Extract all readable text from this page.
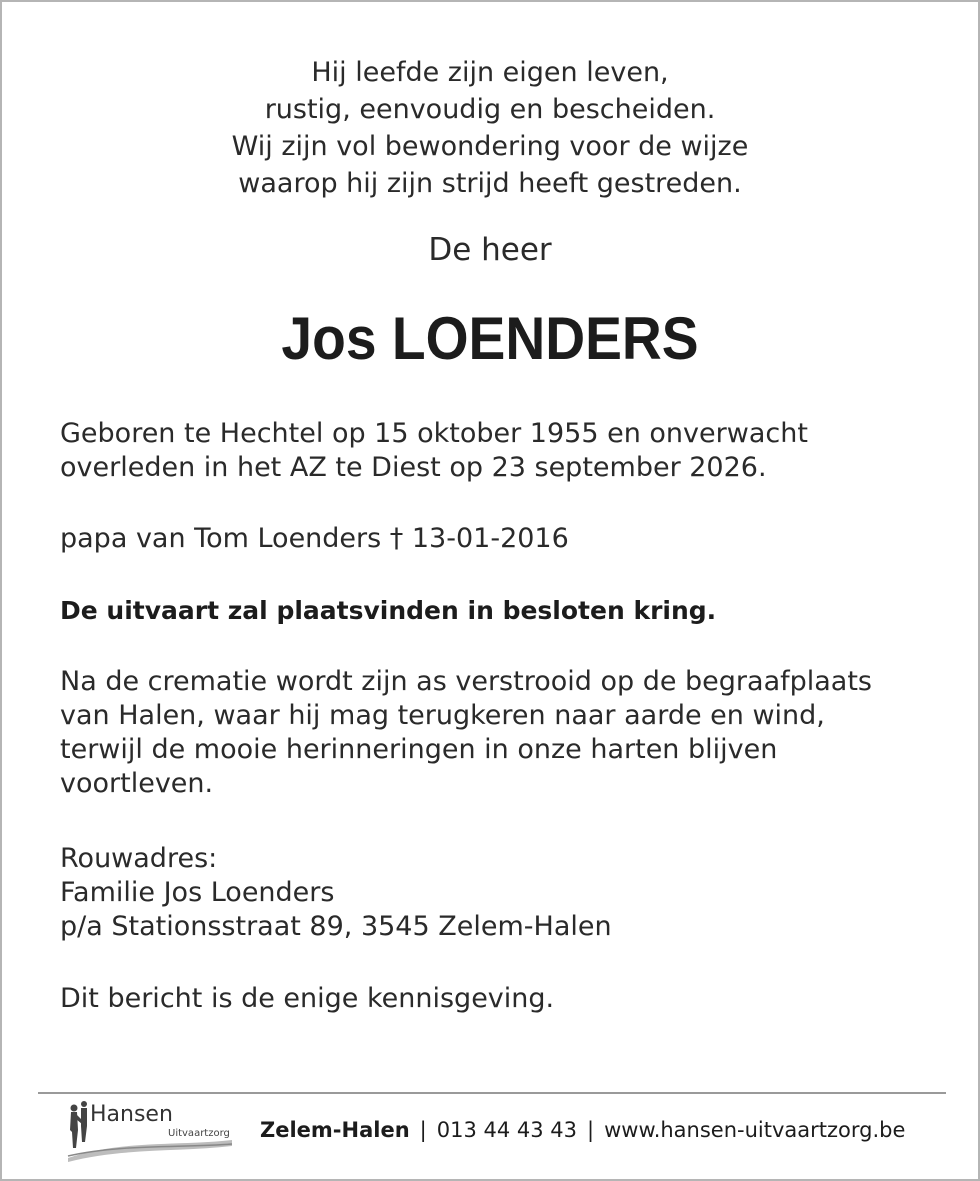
Hij leefde zijn eigen leven,
rustig, eenvoudig en bescheiden.
Wij zijn vol bewondering voor de wijze
waarop hij zijn strijd heeft gestreden.
De heer
Jos LOENDERS
Geboren te Hechtel op 15 oktober 1955 en onverwacht
overleden in het AZ te Diest op 23 september 2026.
papa van Tom Loenders † 13-01-2016
De uitvaart zal plaatsvinden in besloten kring.
Na de crematie wordt zijn as verstrooid op de begraafplaats
van Halen, waar hij mag terugkeren naar aarde en wind,
terwijl de mooie herinneringen in onze harten blijven
voortleven.
Rouwadres:
Familie Jos Loenders
p/a Stationsstraat 89, 3545 Zelem-Halen
Dit bericht is de enige kennisgeving.
Hansen
Uitvaartzorg Zelem-Halen | 013 44 43 43 | www.hansen-uitvaartzorg.be
